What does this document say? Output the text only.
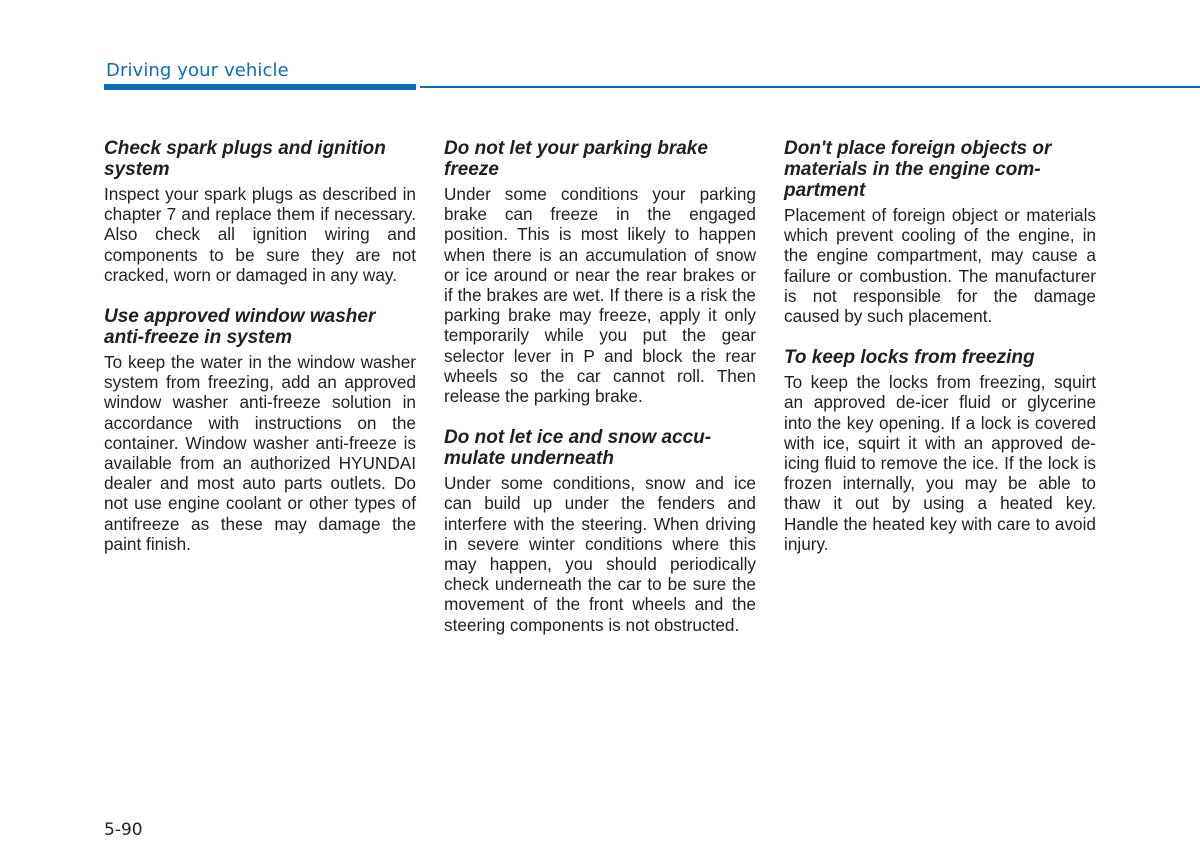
Driving your vehicle
Check spark plugs and ignition system

Inspect your spark plugs as described in chapter 7 and replace them if necessary. Also check all ignition wiring and components to be sure they are not cracked, worn or damaged in any way.

Use approved window washer anti-freeze in system

To keep the water in the window washer system from freezing, add an approved window washer anti-freeze solution in accordance with instructions on the container. Window washer anti-freeze is available from an authorized HYUNDAI dealer and most auto parts outlets. Do not use engine coolant or other types of antifreeze as these may damage the paint finish.

Do not let your parking brake freeze

Under some conditions your parking brake can freeze in the engaged position. This is most likely to happen when there is an accumulation of snow or ice around or near the rear brakes or if the brakes are wet. If there is a risk the parking brake may freeze, apply it only temporarily while you put the gear selector lever in P and block the rear wheels so the car cannot roll. Then release the parking brake.

Do not let ice and snow accumulate underneath

Under some conditions, snow and ice can build up under the fenders and interfere with the steering. When driving in severe winter conditions where this may happen, you should periodically check underneath the car to be sure the movement of the front wheels and the steering components is not obstructed.

Don't place foreign objects or materials in the engine compartment

Placement of foreign object or materials which prevent cooling of the engine, in the engine compartment, may cause a failure or combustion. The manufacturer is not responsible for the damage caused by such placement.

To keep locks from freezing

To keep the locks from freezing, squirt an approved de-icer fluid or glycerine into the key opening. If a lock is covered with ice, squirt it with an approved de-icing fluid to remove the ice. If the lock is frozen internally, you may be able to thaw it out by using a heated key. Handle the heated key with care to avoid injury.

5-90
